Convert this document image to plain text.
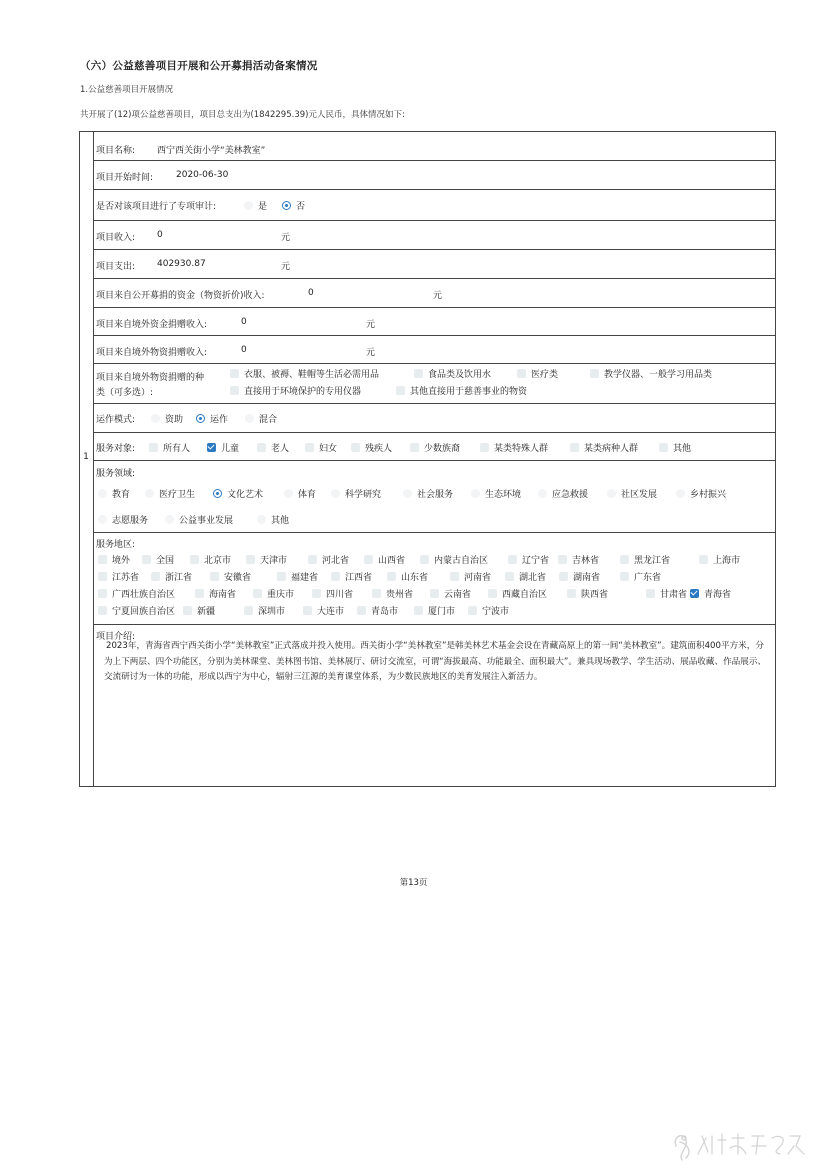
（六）公益慈善项目开展和公开募捐活动备案情况
1.公益慈善项目开展情况
共开展了(12)项公益慈善项目，项目总支出为(1842295.39)元人民币，具体情况如下:
1
项目名称: 西宁西关街小学“美林教室”
项目开始时间:	2020-06-30
是否对该项目进行了专项审计:	是	否
项目收入: 0	元
项目支出: 402930.87	元
项目来自公开募捐的资金（物资折价)收入:	0	元
项目来自境外资金捐赠收入:	0	元
项目来自境外物资捐赠收入:	0	元
项目来自境外物资捐赠的种
类（可多选）:
衣服、被褥、鞋帽等生活必需用品	食品类及饮用水	医疗类	教学仪器、一般学习用品类
直接用于环境保护的专用仪器	其他直接用于慈善事业的物资
运作模式:	资助	运作	混合
服务对象:	所有人	儿童	老人	妇女	残疾人	少数族裔	某类特殊人群	某类病种人群	其他
服务领域:
教育	医疗卫生	文化艺术	体育	科学研究	社会服务	生态环境	应急救援	社区发展	乡村振兴
志愿服务	公益事业发展	其他
服务地区:
境外	全国	北京市	天津市	河北省	山西省	内蒙古自治区	辽宁省	吉林省	黑龙江省	上海市
江苏省	浙江省	安徽省	福建省	江西省	山东省	河南省	湖北省	湖南省	广东省
广西壮族自治区	海南省	重庆市	四川省	贵州省	云南省	西藏自治区	陕西省	甘肃省 青海省
宁夏回族自治区 新疆	深圳市	大连市	青岛市	厦门市	宁波市
项目介绍:
2023年，青海省西宁西关街小学“美林教室”正式落成并投入使用。西关街小学“美林教室”是韩美林艺术基金会设在青藏高原上的第一间“美林教室”。建筑面积400平方米，分为上下两层、四个功能区，分别为美林课堂、美林图书馆、美林展厅、研讨交流室，可谓“海拔最高、功能最全、面积最大”。兼具现场教学、学生活动、展品收藏、作品展示、交流研讨为一体的功能，形成以西宁为中心，辐射三江源的美育课堂体系，为少数民族地区的美育发展注入新活力。
第13页
